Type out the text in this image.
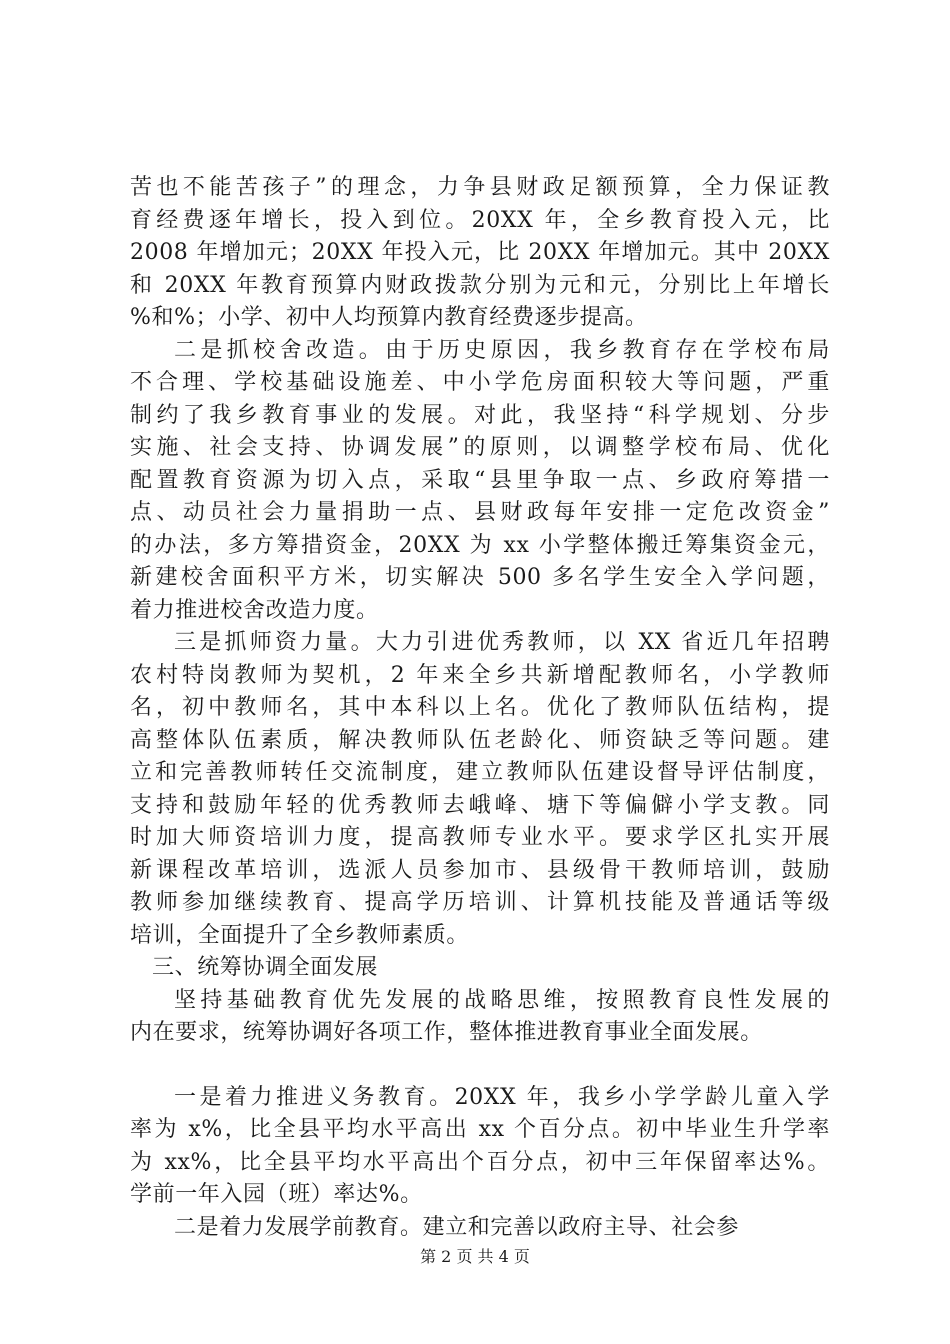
苦也不能苦孩子”的理念，力争县财政足额预算，全力保证教
育经费逐年增长，投入到位。20XX 年，全乡教育投入元，比
2008 年增加元；20XX 年投入元，比 20XX 年增加元。其中 20XX
和 20XX 年教育预算内财政拨款分别为元和元，分别比上年增长
%和%；小学、初中人均预算内教育经费逐步提高。
二是抓校舍改造。由于历史原因，我乡教育存在学校布局
不合理、学校基础设施差、中小学危房面积较大等问题，严重
制约了我乡教育事业的发展。对此，我坚持“科学规划、分步
实施、社会支持、协调发展”的原则，以调整学校布局、优化
配置教育资源为切入点，采取“县里争取一点、乡政府筹措一
点、动员社会力量捐助一点、县财政每年安排一定危改资金”
的办法，多方筹措资金，20XX 为 xx 小学整体搬迁筹集资金元，
新建校舍面积平方米，切实解决 500 多名学生安全入学问题，
着力推进校舍改造力度。
三是抓师资力量。大力引进优秀教师，以 XX 省近几年招聘
农村特岗教师为契机，2 年来全乡共新增配教师名，小学教师
名，初中教师名，其中本科以上名。优化了教师队伍结构，提
高整体队伍素质，解决教师队伍老龄化、师资缺乏等问题。建
立和完善教师转任交流制度，建立教师队伍建设督导评估制度，
支持和鼓励年轻的优秀教师去峨峰、塘下等偏僻小学支教。同
时加大师资培训力度，提高教师专业水平。要求学区扎实开展
新课程改革培训，选派人员参加市、县级骨干教师培训，鼓励
教师参加继续教育、提高学历培训、计算机技能及普通话等级
培训，全面提升了全乡教师素质。
三、统筹协调全面发展
坚持基础教育优先发展的战略思维，按照教育良性发展的
内在要求，统筹协调好各项工作，整体推进教育事业全面发展。
一是着力推进义务教育。20XX 年，我乡小学学龄儿童入学
率为 x%，比全县平均水平高出 xx 个百分点。初中毕业生升学率
为 xx%，比全县平均水平高出个百分点，初中三年保留率达%。
学前一年入园（班）率达%。
二是着力发展学前教育。建立和完善以政府主导、社会参
第 2 页 共 4 页
